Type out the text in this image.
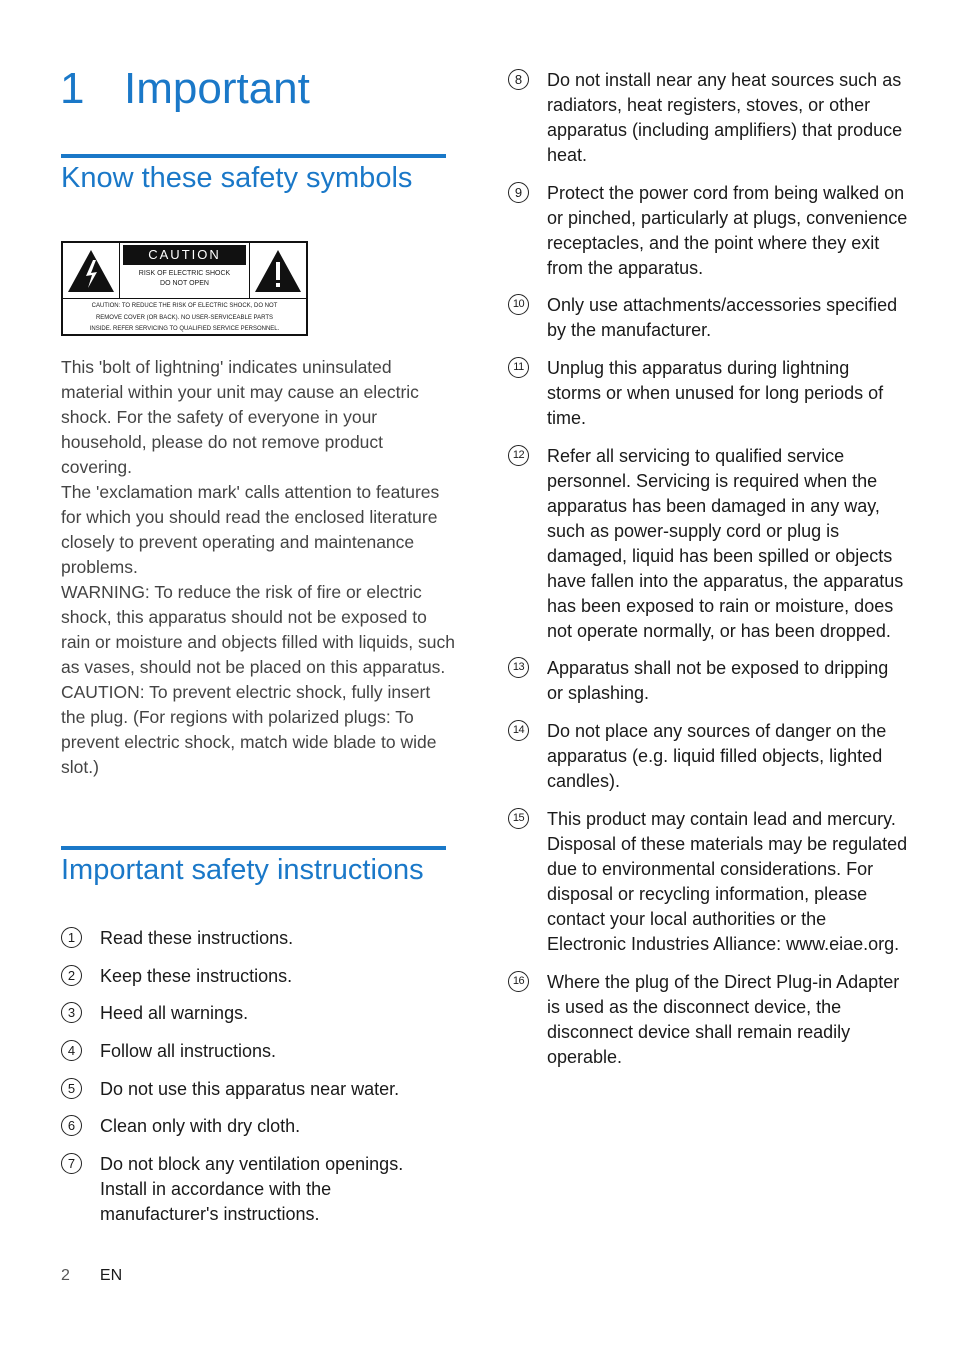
1 Important
Know these safety symbols
CAUTION
RISK OF ELECTRIC SHOCK
DO NOT OPEN
CAUTION: TO REDUCE THE RISK OF ELECTRIC SHOCK, DO NOT
REMOVE COVER (OR BACK). NO USER-SERVICEABLE PARTS
INSIDE. REFER SERVICING TO QUALIFIED SERVICE PERSONNEL.

This 'bolt of lightning' indicates uninsulated material within your unit may cause an electric shock. For the safety of everyone in your household, please do not remove product covering.

The 'exclamation mark' calls attention to features for which you should read the enclosed literature closely to prevent operating and maintenance problems.

WARNING: To reduce the risk of fire or electric shock, this apparatus should not be exposed to rain or moisture and objects filled with liquids, such as vases, should not be placed on this apparatus.

CAUTION: To prevent electric shock, fully insert the plug. (For regions with polarized plugs: To prevent electric shock, match wide blade to wide slot.)

Important safety instructions
1	Read these instructions.
2	Keep these instructions.
3	Heed all warnings.
4	Follow all instructions.
5	Do not use this apparatus near water.
6	Clean only with dry cloth.
7	Do not block any ventilation openings. Install in accordance with the manufacturer's instructions.
8	Do not install near any heat sources such as radiators, heat registers, stoves, or other apparatus (including amplifiers) that produce heat.
9	Protect the power cord from being walked on or pinched, particularly at plugs, convenience receptacles, and the point where they exit from the apparatus.
10 Only use attachments/accessories specified by the manufacturer.
11 Unplug this apparatus during lightning storms or when unused for long periods of time.
12 Refer all servicing to qualified service personnel. Servicing is required when the apparatus has been damaged in any way, such as power-supply cord or plug is damaged, liquid has been spilled or objects have fallen into the apparatus, the apparatus has been exposed to rain or moisture, does not operate normally, or has been dropped.
13 Apparatus shall not be exposed to dripping or splashing.
14 Do not place any sources of danger on the apparatus (e.g. liquid filled objects, lighted candles).
15 This product may contain lead and mercury. Disposal of these materials may be regulated due to environmental considerations. For disposal or recycling information, please contact your local authorities or the Electronic Industries Alliance: www.eiae.org.
16 Where the plug of the Direct Plug-in Adapter is used as the disconnect device, the disconnect device shall remain readily operable.
2 EN
